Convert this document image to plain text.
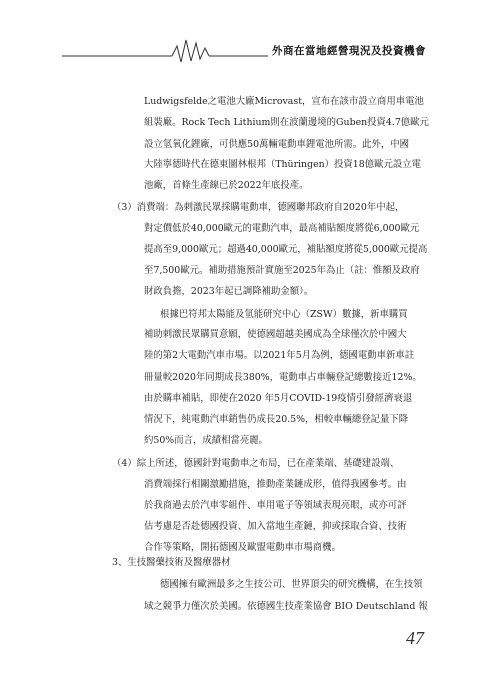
外商在當地經營現況及投資機會
Ludwigsfelde之電池大廠Microvast，宣布在該市設立商用車電池
組裝廠。Rock Tech Lithium則在波蘭邊境的Guben投資4.7億歐元
設立氫氧化鋰廠，可供應50萬輛電動車鋰電池所需。此外，中國
大陸寧德時代在德東圖林根邦（Thüringen）投資18億歐元設立電
池廠，首條生產線已於2022年底投產。
（3）消費端：為刺激民眾採購電動車，德國聯邦政府自2020年中起，
對定價低於40,000歐元的電動汽車，最高補貼額度將從6,000歐元
提高至9,000歐元；超過40,000歐元，補貼額度將從5,000歐元提高
至7,500歐元。補助措施預計實施至2025年為止（註：惟額及政府
財政負擔，2023年起已調降補助金額）。
根據巴符邦太陽能及氫能研究中心（ZSW）數據，新車購買
補助刺激民眾購買意願，使德國超越美國成為全球僅次於中國大
陸的第2大電動汽車市場。以2021年5月為例，德國電動車新車註
冊量較2020年同期成長380%，電動車占車輛登記總數接近12%。
由於購車補貼，即使在2020 年5月COVID-19疫情引發經濟衰退
情況下，純電動汽車銷售仍成長20.5%，相較車輛總登記量下降
約50%而言，成績相當亮麗。
（4）綜上所述，德國針對電動車之布局，已在產業端、基礎建設端、
消費端採行相關激勵措施，推動產業鏈成形，值得我國參考。由
於我商過去於汽車零組件、車用電子等領域表現亮眼，或亦可評
估考慮是否赴德國投資、加入當地生產鏈，抑或採取合資、技術
合作等策略，開拓德國及歐盟電動車市場商機。
3、生技醫藥技術及醫療器材
德國擁有歐洲最多之生技公司、世界頂尖的研究機構，在生技領
域之競爭力僅次於美國。依德國生技產業協會 BIO Deutschland 報
47
